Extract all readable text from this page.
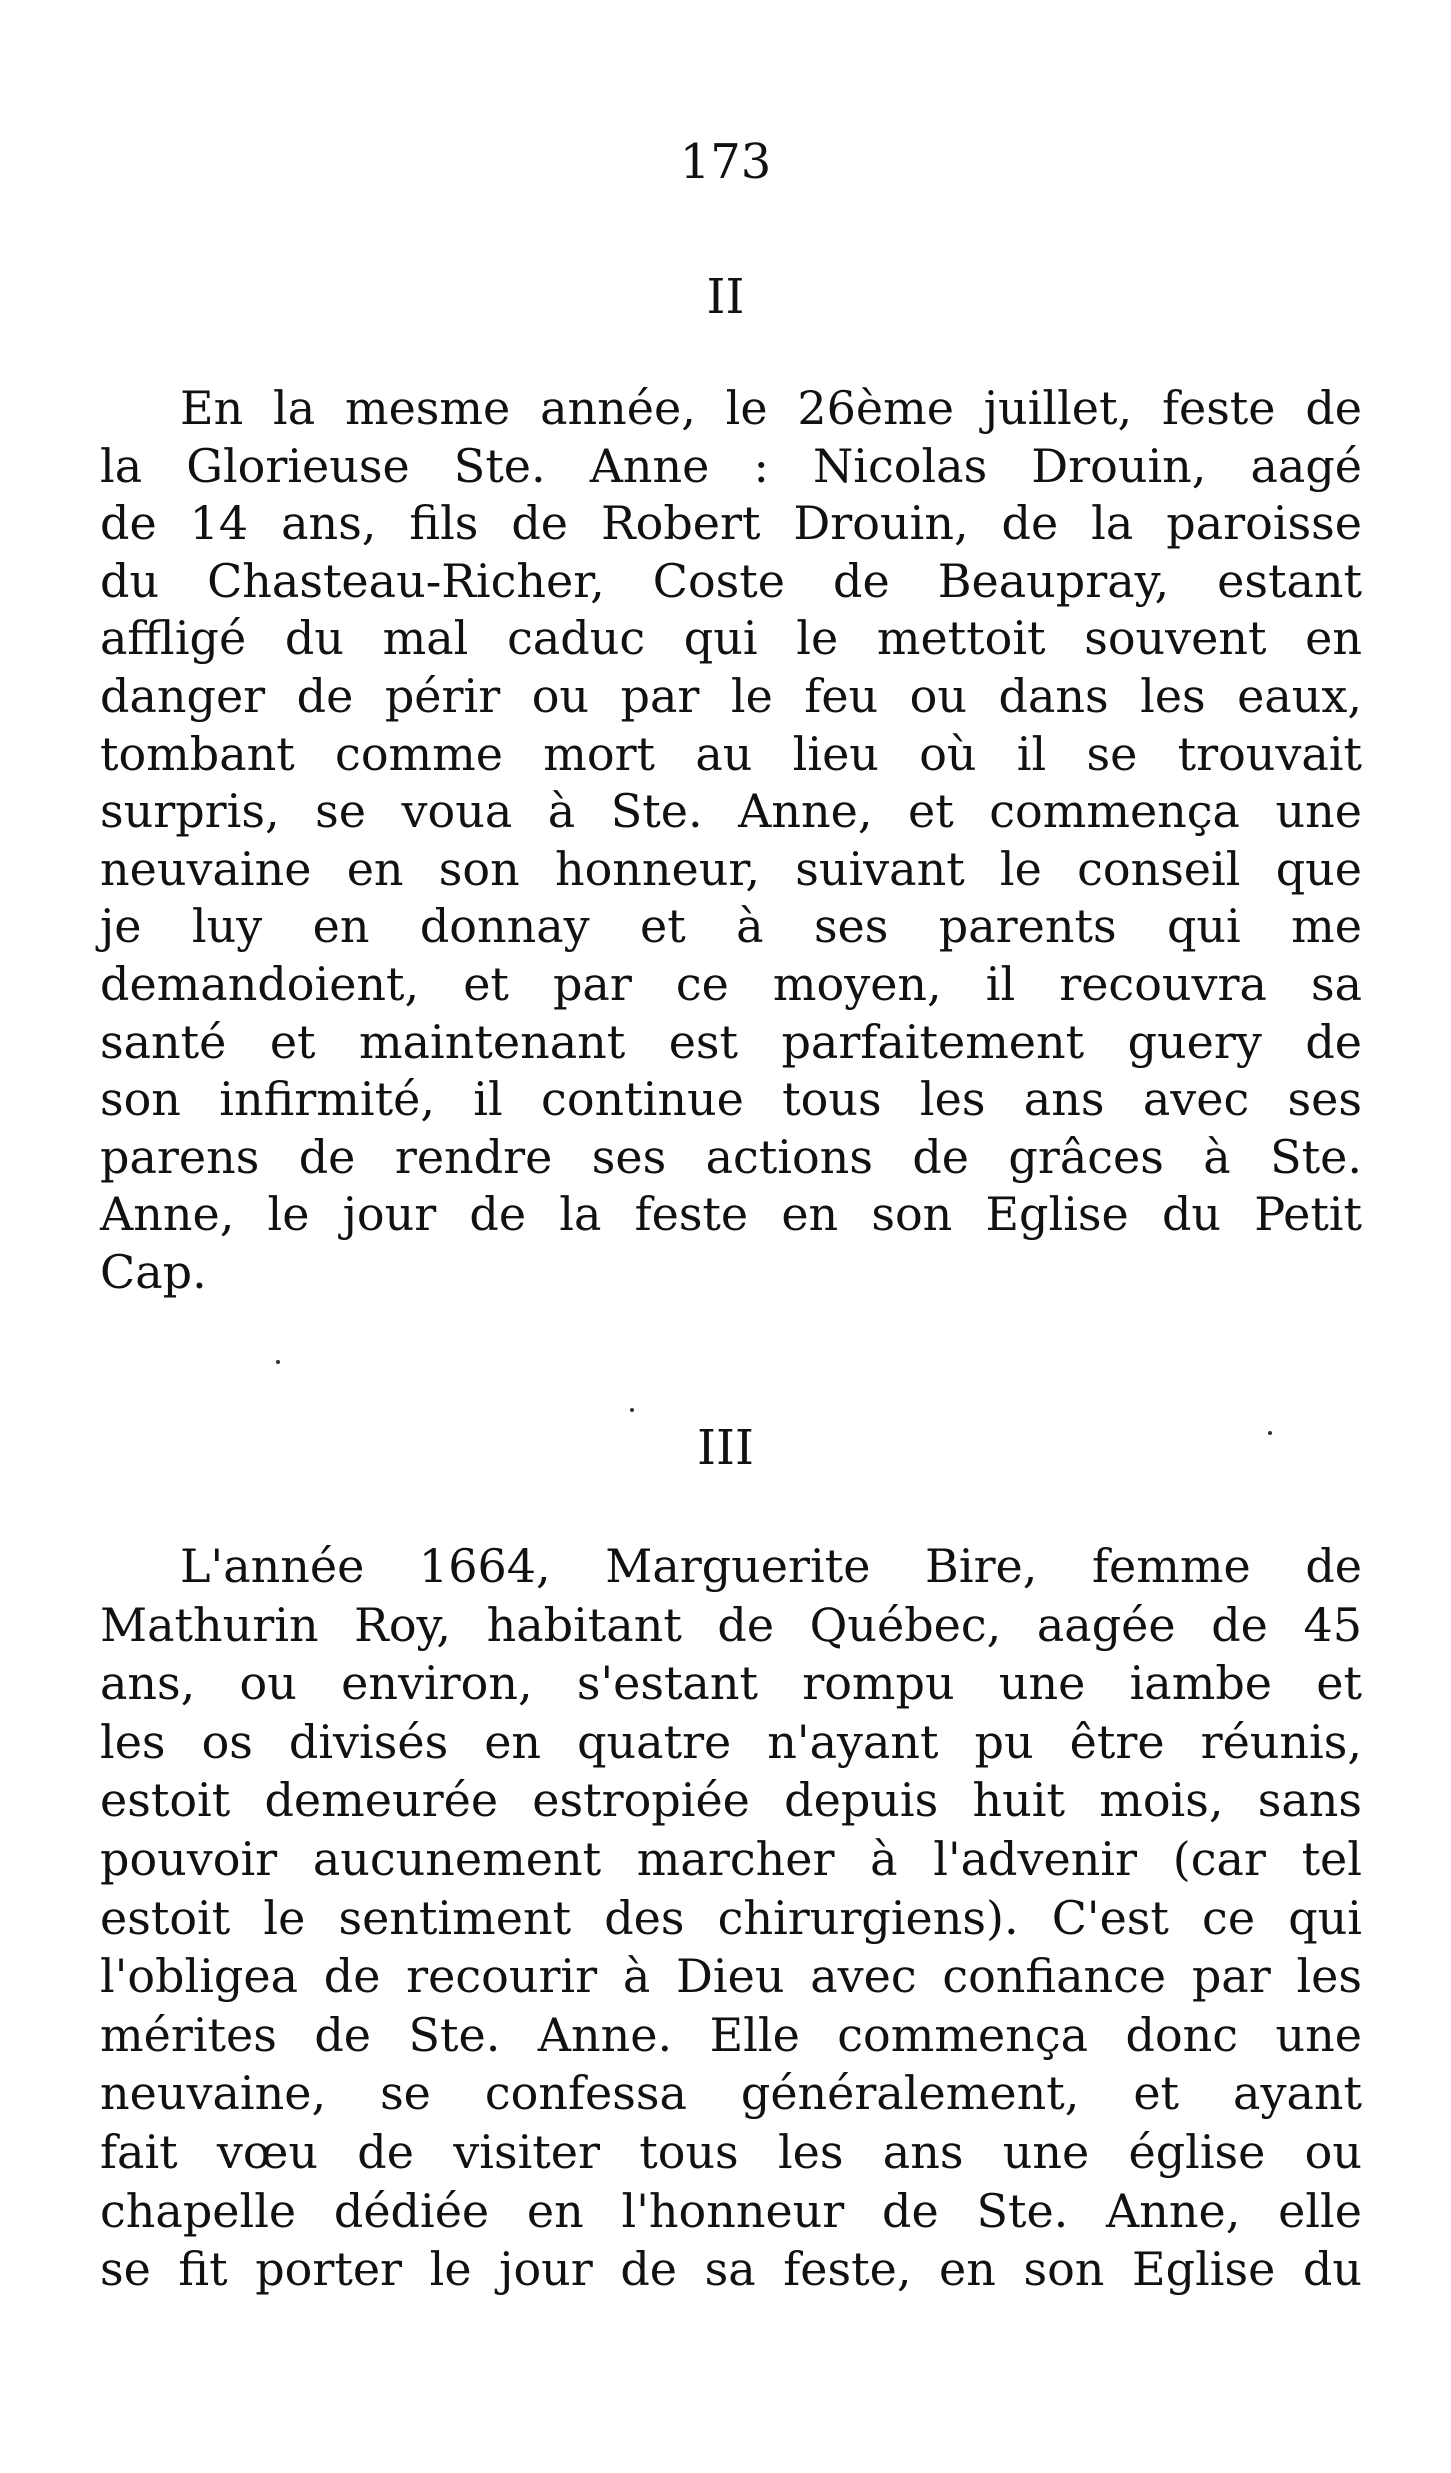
173
II
En la mesme année, le 26ème juillet, feste de
la Glorieuse Ste. Anne : Nicolas Drouin, aagé
de 14 ans, fils de Robert Drouin, de la paroisse
du Chasteau-Richer, Coste de Beaupray, estant
affligé du mal caduc qui le mettoit souvent en
danger de périr ou par le feu ou dans les eaux,
tombant comme mort au lieu où il se trouvait
surpris, se voua à Ste. Anne, et commença une
neuvaine en son honneur, suivant le conseil que
je luy en donnay et à ses parents qui me
demandoient, et par ce moyen, il recouvra sa
santé et maintenant est parfaitement guery de
son infirmité, il continue tous les ans avec ses
parens de rendre ses actions de grâces à Ste.
Anne, le jour de la feste en son Eglise du Petit
Cap.
III
L'année 1664, Marguerite Bire, femme de
Mathurin Roy, habitant de Québec, aagée de 45
ans, ou environ, s'estant rompu une iambe et
les os divisés en quatre n'ayant pu être réunis,
estoit demeurée estropiée depuis huit mois, sans
pouvoir aucunement marcher à l'advenir (car tel
estoit le sentiment des chirurgiens). C'est ce qui
l'obligea de recourir à Dieu avec confiance par les
mérites de Ste. Anne. Elle commença donc une
neuvaine, se confessa généralement, et ayant
fait vœu de visiter tous les ans une église ou
chapelle dédiée en l'honneur de Ste. Anne, elle
se fit porter le jour de sa feste, en son Eglise du
